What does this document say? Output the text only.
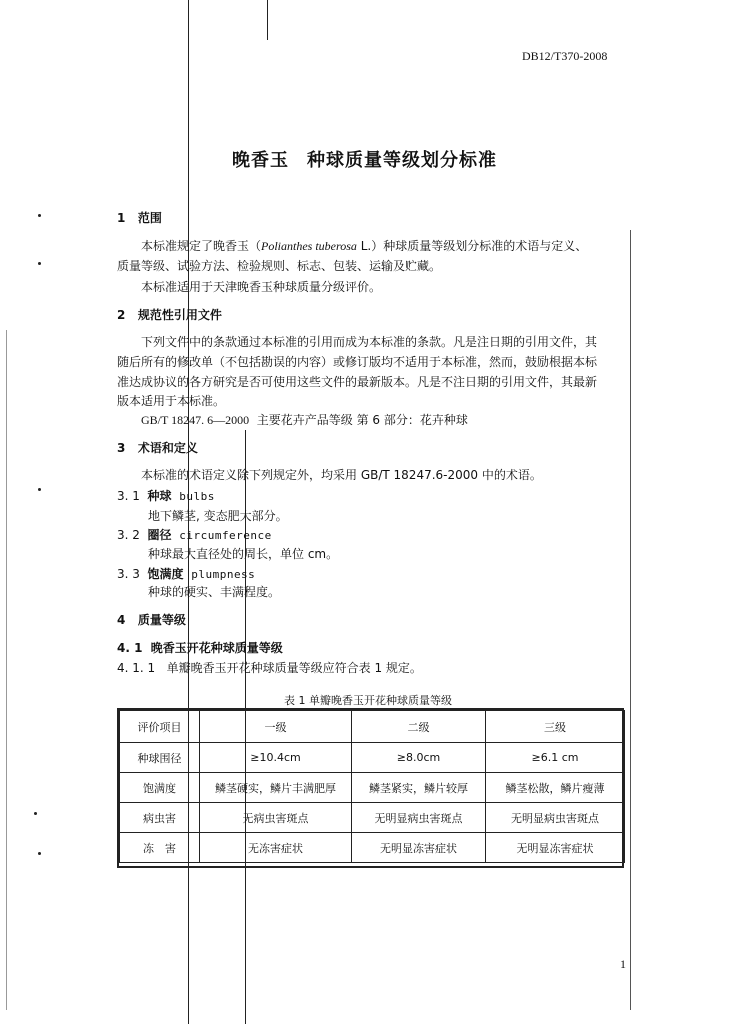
DB12/T370-2008
晚香玉 种球质量等级划分标准
1 范围
本标准规定了晚香玉（Polianthes tuberosa L.）种球质量等级划分标准的术语与定义、
质量等级、试验方法、检验规则、标志、包装、运输及贮藏。
本标准适用于天津晚香玉种球质量分级评价。
2 规范性引用文件
下列文件中的条款通过本标准的引用而成为本标准的条款。凡是注日期的引用文件，其
随后所有的修改单（不包括勘误的内容）或修订版均不适用于本标准，然而，鼓励根据本标
准达成协议的各方研究是否可使用这些文件的最新版本。凡是不注日期的引用文件，其最新
版本适用于本标准。
GB/T 18247. 6—2000 主要花卉产品等级 第 6 部分：花卉种球
3 术语和定义
本标准的术语定义除下列规定外，均采用 GB/T 18247.6-2000 中的术语。
3. 1 种球 bulbs
地下鳞茎, 变态肥大部分。
3. 2 圈径 circumference
种球最大直径处的周长，单位 cm。
3. 3 饱满度 plumpness
种球的硬实、丰满程度。
4 质量等级
4. 1 晚香玉开花种球质量等级
4. 1. 1 单瓣晚香玉开花种球质量等级应符合表 1 规定。
表 1 单瓣晚香玉开花种球质量等级
评价项目	一级	二级	三级
种球围径	≥10.4cm	≥8.0cm	≥6.1 cm
饱满度	鳞茎硬实，鳞片丰满肥厚	鳞茎紧实，鳞片较厚	鳞茎松散，鳞片瘦薄
病虫害	无病虫害斑点	无明显病虫害斑点	无明显病虫害斑点
冻　害	无冻害症状	无明显冻害症状	无明显冻害症状
1
